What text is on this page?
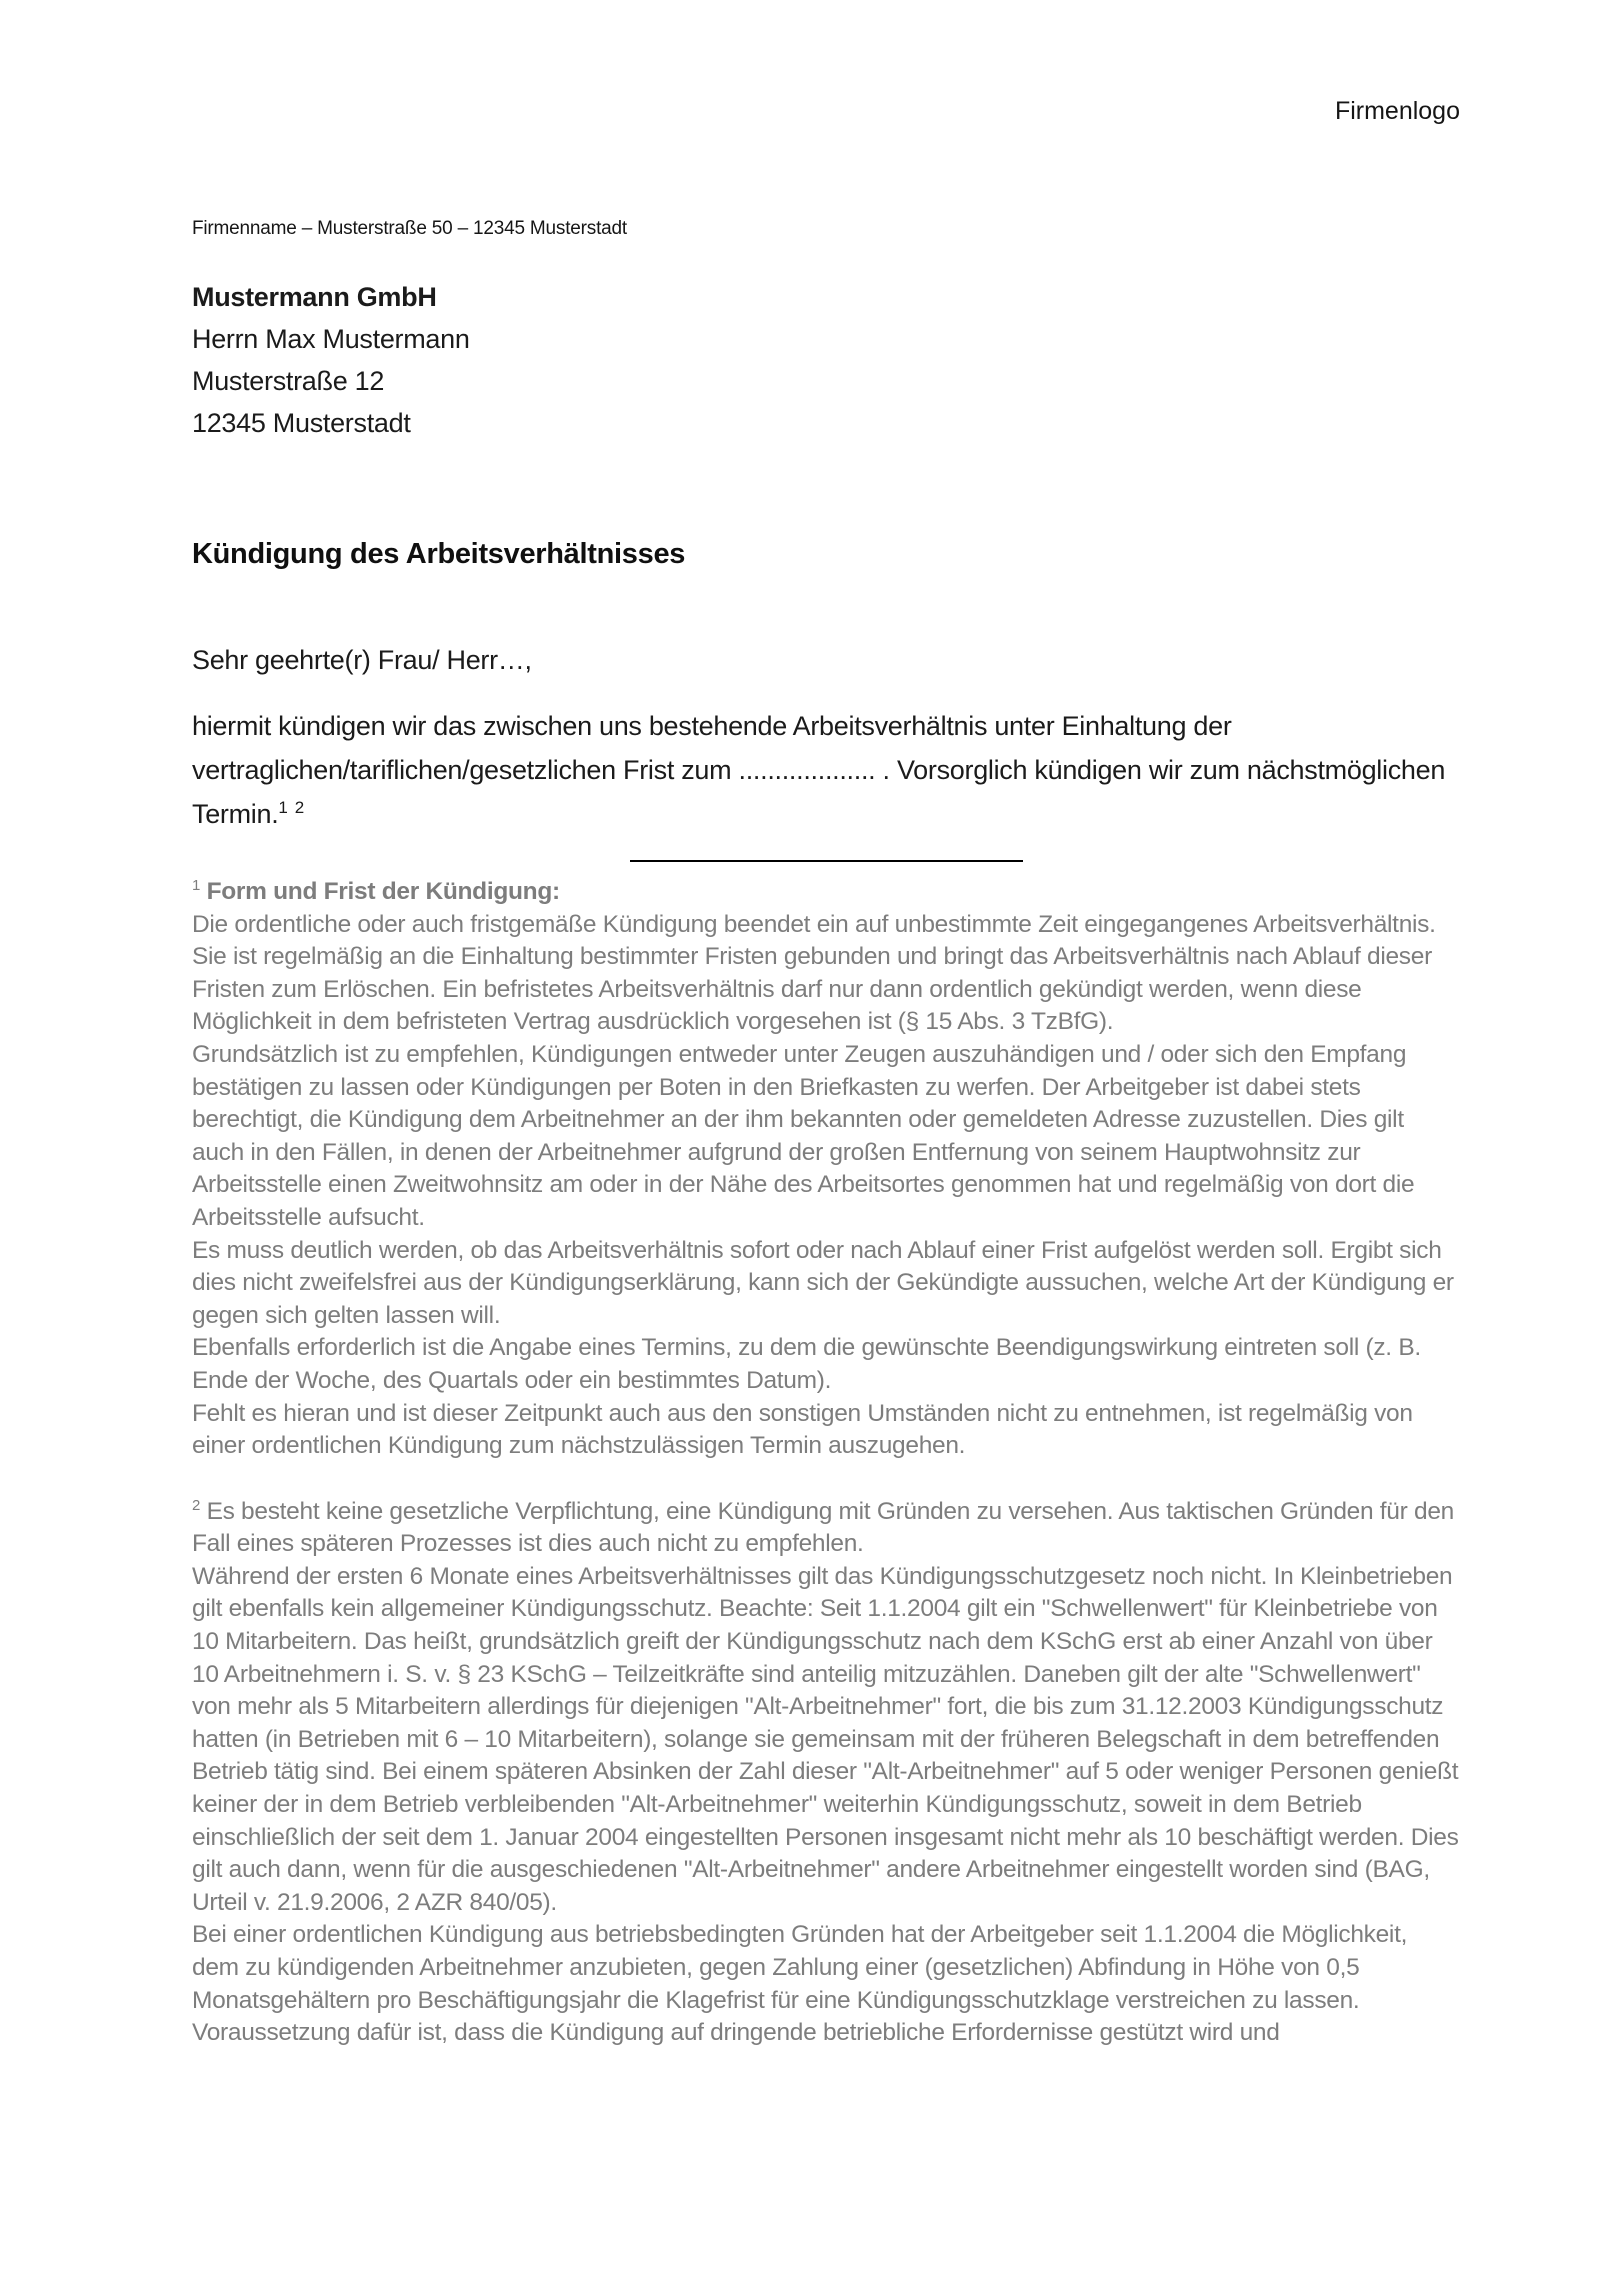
Firmenlogo
Firmenname – Musterstraße 50 – 12345 Musterstadt
Mustermann GmbH
Herrn Max Mustermann
Musterstraße 12
12345 Musterstadt
Kündigung des Arbeitsverhältnisses
Sehr geehrte(r) Frau/ Herr…,
hiermit kündigen wir das zwischen uns bestehende Arbeitsverhältnis unter Einhaltung der vertraglichen/tariflichen/gesetzlichen Frist zum ................... . Vorsorglich kündigen wir zum nächstmöglichen Termin.$^1$ $^2$
$^1$ Form und Frist der Kündigung:
Die ordentliche oder auch fristgemäße Kündigung beendet ein auf unbestimmte Zeit eingegangenes Arbeitsverhältnis. Sie ist regelmäßig an die Einhaltung bestimmter Fristen gebunden und bringt das Arbeitsverhältnis nach Ablauf dieser Fristen zum Erlöschen. Ein befristetes Arbeitsverhältnis darf nur dann ordentlich gekündigt werden, wenn diese Möglichkeit in dem befristeten Vertrag ausdrücklich vorgesehen ist (§ 15 Abs. 3 TzBfG).
Grundsätzlich ist zu empfehlen, Kündigungen entweder unter Zeugen auszuhändigen und / oder sich den Empfang bestätigen zu lassen oder Kündigungen per Boten in den Briefkasten zu werfen. Der Arbeitgeber ist dabei stets berechtigt, die Kündigung dem Arbeitnehmer an der ihm bekannten oder gemeldeten Adresse zuzustellen. Dies gilt auch in den Fällen, in denen der Arbeitnehmer aufgrund der großen Entfernung von seinem Hauptwohnsitz zur Arbeitsstelle einen Zweitwohnsitz am oder in der Nähe des Arbeitsortes genommen hat und regelmäßig von dort die Arbeitsstelle aufsucht.
Es muss deutlich werden, ob das Arbeitsverhältnis sofort oder nach Ablauf einer Frist aufgelöst werden soll. Ergibt sich dies nicht zweifelsfrei aus der Kündigungserklärung, kann sich der Gekündigte aussuchen, welche Art der Kündigung er gegen sich gelten lassen will.
Ebenfalls erforderlich ist die Angabe eines Termins, zu dem die gewünschte Beendigungswirkung eintreten soll (z. B. Ende der Woche, des Quartals oder ein bestimmtes Datum).
Fehlt es hieran und ist dieser Zeitpunkt auch aus den sonstigen Umständen nicht zu entnehmen, ist regelmäßig von einer ordentlichen Kündigung zum nächstzulässigen Termin auszugehen.
$^2$ Es besteht keine gesetzliche Verpflichtung, eine Kündigung mit Gründen zu versehen. Aus taktischen Gründen für den Fall eines späteren Prozesses ist dies auch nicht zu empfehlen.
Während der ersten 6 Monate eines Arbeitsverhältnisses gilt das Kündigungsschutzgesetz noch nicht. In Kleinbetrieben gilt ebenfalls kein allgemeiner Kündigungsschutz. Beachte: Seit 1.1.2004 gilt ein "Schwellenwert" für Kleinbetriebe von 10 Mitarbeitern. Das heißt, grundsätzlich greift der Kündigungsschutz nach dem KSchG erst ab einer Anzahl von über 10 Arbeitnehmern i. S. v. § 23 KSchG – Teilzeitkräfte sind anteilig mitzuzählen. Daneben gilt der alte "Schwellenwert" von mehr als 5 Mitarbeitern allerdings für diejenigen "Alt-Arbeitnehmer" fort, die bis zum 31.12.2003 Kündigungsschutz hatten (in Betrieben mit 6 – 10 Mitarbeitern), solange sie gemeinsam mit der früheren Belegschaft in dem betreffenden Betrieb tätig sind. Bei einem späteren Absinken der Zahl dieser "Alt-Arbeitnehmer" auf 5 oder weniger Personen genießt keiner der in dem Betrieb verbleibenden "Alt-Arbeitnehmer" weiterhin Kündigungsschutz, soweit in dem Betrieb einschließlich der seit dem 1. Januar 2004 eingestellten Personen insgesamt nicht mehr als 10 beschäftigt werden. Dies gilt auch dann, wenn für die ausgeschiedenen "Alt-Arbeitnehmer" andere Arbeitnehmer eingestellt worden sind (BAG, Urteil v. 21.9.2006, 2 AZR 840/05).
Bei einer ordentlichen Kündigung aus betriebsbedingten Gründen hat der Arbeitgeber seit 1.1.2004 die Möglichkeit, dem zu kündigenden Arbeitnehmer anzubieten, gegen Zahlung einer (gesetzlichen) Abfindung in Höhe von 0,5 Monatsgehältern pro Beschäftigungsjahr die Klagefrist für eine Kündigungsschutzklage verstreichen zu lassen. Voraussetzung dafür ist, dass die Kündigung auf dringende betriebliche Erfordernisse gestützt wird und
